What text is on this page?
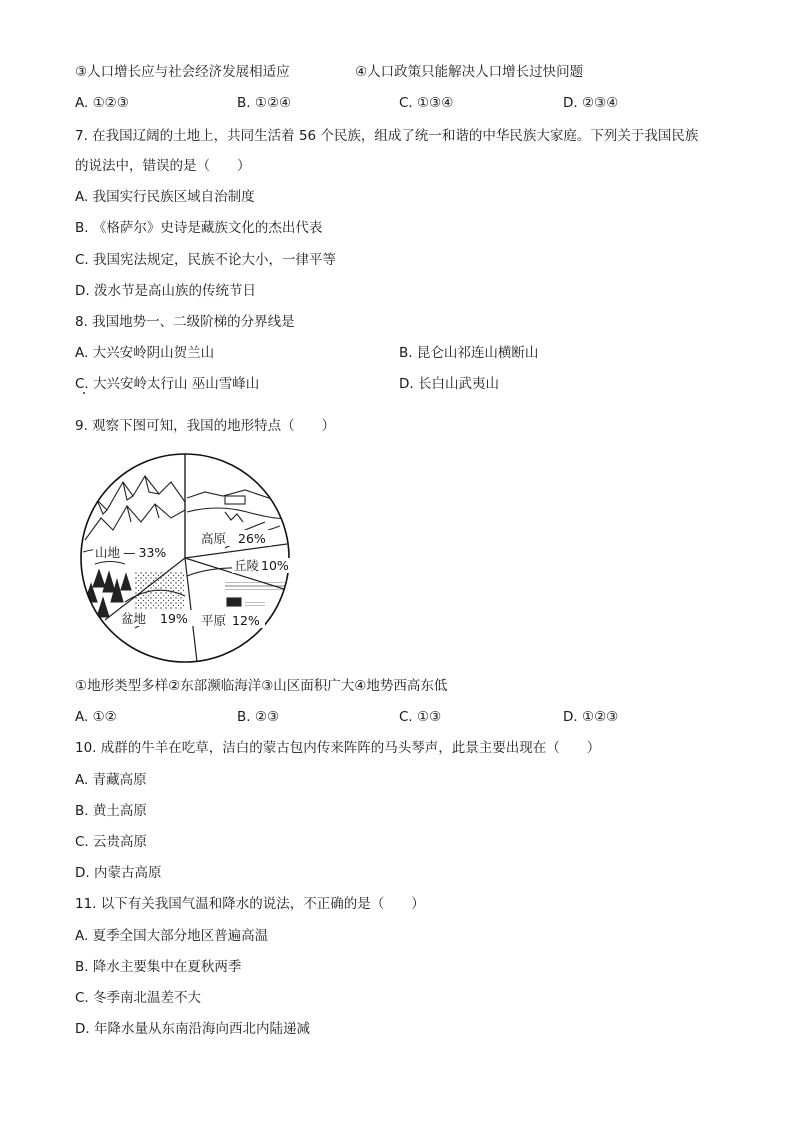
③人口增长应与社会经济发展相适应	④人口政策只能解决人口增长过快问题
A. ①②③	B. ①②④	C. ①③④	D. ②③④
7. 在我国辽阔的土地上，共同生活着 56 个民族，组成了统一和谐的中华民族大家庭。下列关于我国民族
的说法中，错误的是（　　）
A. 我国实行民族区域自治制度
B. 《格萨尔》史诗是藏族文化的杰出代表
C. 我国宪法规定，民族不论大小，一律平等
D. 泼水节是高山族的传统节日
8. 我国地势一、二级阶梯的分界线是
A. 大兴安岭阴山贺兰山	B. 昆仑山祁连山横断山
C. 大兴安岭太行山 巫山雪峰山	D. 长白山武夷山
9. 观察下图可知，我国的地形特点（　　）
山地 — 33%
高原 26%
丘陵 10%
平原 12%
盆地 19%
①地形类型多样②东部濒临海洋③山区面积广大④地势西高东低
A. ①②	B. ②③	C. ①③	D. ①②③
10. 成群的牛羊在吃草，洁白的蒙古包内传来阵阵的马头琴声，此景主要出现在（　　）
A. 青藏高原
B. 黄土高原
C. 云贵高原
D. 内蒙古高原
11. 以下有关我国气温和降水的说法，不正确的是（　　）
A. 夏季全国大部分地区普遍高温
B. 降水主要集中在夏秋两季
C. 冬季南北温差不大
D. 年降水量从东南沿海向西北内陆递减
